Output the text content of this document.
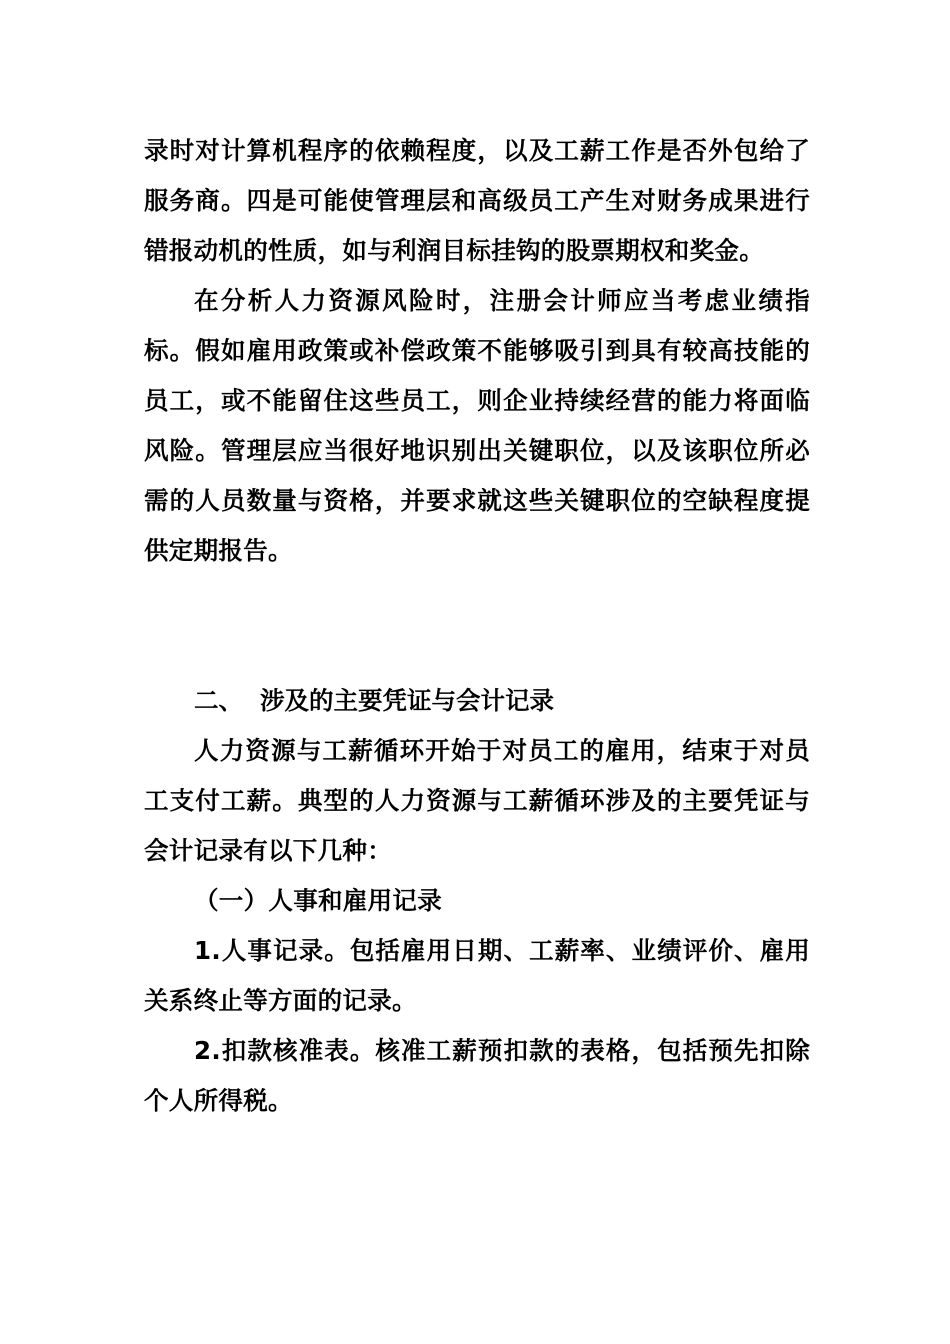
录时对计算机程序的依赖程度，以及工薪工作是否外包给了服务商。四是可能使管理层和高级员工产生对财务成果进行错报动机的性质，如与利润目标挂钩的股票期权和奖金。

在分析人力资源风险时，注册会计师应当考虑业绩指标。假如雇用政策或补偿政策不能够吸引到具有较高技能的员工，或不能留住这些员工，则企业持续经营的能力将面临风险。管理层应当很好地识别出关键职位，以及该职位所必需的人员数量与资格，并要求就这些关键职位的空缺程度提供定期报告。

二、 涉及的主要凭证与会计记录

人力资源与工薪循环开始于对员工的雇用，结束于对员工支付工薪。典型的人力资源与工薪循环涉及的主要凭证与会计记录有以下几种：

（一）人事和雇用记录

1.人事记录。包括雇用日期、工薪率、业绩评价、雇用关系终止等方面的记录。

2.扣款核准表。核准工薪预扣款的表格，包括预先扣除个人所得税。
